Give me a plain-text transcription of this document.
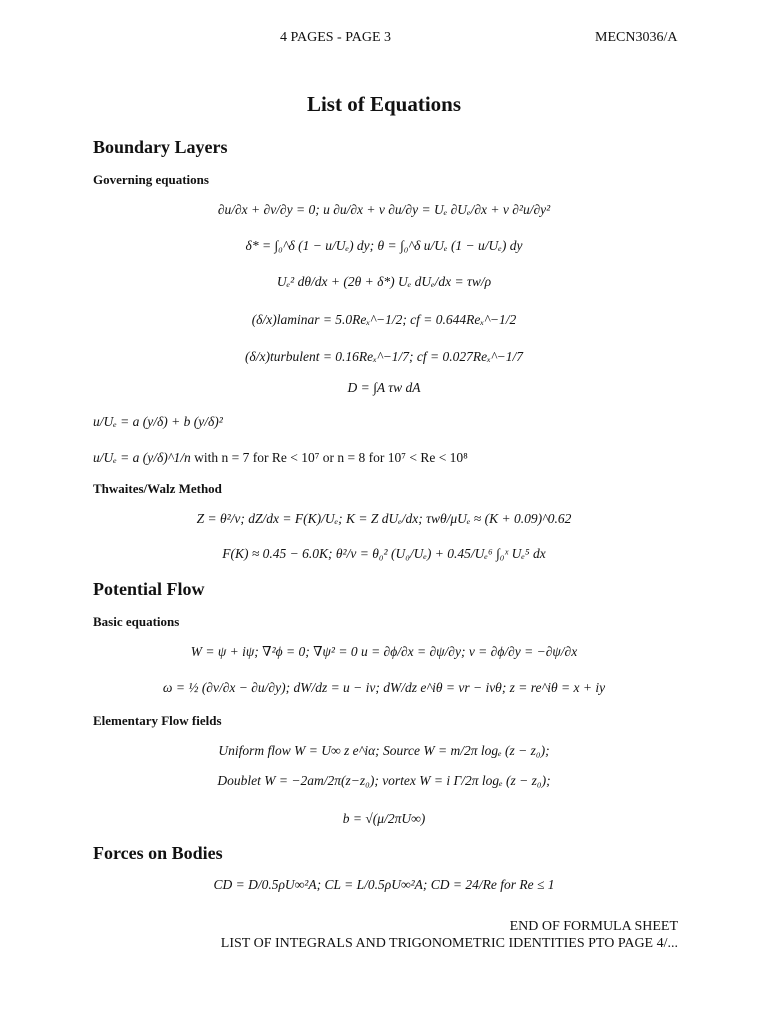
4 PAGES - PAGE 3	MECN3036/A
List of Equations
Boundary Layers
Governing equations
∂u/∂x + ∂v/∂y = 0; u ∂u/∂x + v ∂u/∂y = Uₑ ∂Uₑ/∂x + ν ∂²u/∂y²
δ* = ∫₀^δ (1 − u/Uₑ) dy; θ = ∫₀^δ u/Uₑ (1 − u/Uₑ) dy
Uₑ² dθ/dx + (2θ + δ*) Uₑ dUₑ/dx = τw/ρ
(δ/x)laminar = 5.0Reₓ^−1/2; cf = 0.644Reₓ^−1/2
(δ/x)turbulent = 0.16Reₓ^−1/7; cf = 0.027Reₓ^−1/7
D = ∫A τw dA
u/Uₑ = a (y/δ) + b (y/δ)²
u/Uₑ = a (y/δ)^1/n with n = 7 for Re < 10⁷ or n = 8 for 10⁷ < Re < 10⁸
Thwaites/Walz Method
Z = θ²/ν; dZ/dx = F(K)/Uₑ; K = Z dUₑ/dx; τwθ/μUₑ ≈ (K + 0.09)^0.62
F(K) ≈ 0.45 − 6.0K; θ²/ν = θ₀² (U₀/Uₑ) + 0.45/Uₑ⁶ ∫₀ˣ Uₑ⁵ dx
Potential Flow
Basic equations
W = ψ + iψ; ∇²ϕ = 0; ∇ψ² = 0 u = ∂ϕ/∂x = ∂ψ/∂y; v = ∂ϕ/∂y = −∂ψ/∂x
ω = ½ (∂v/∂x − ∂u/∂y); dW/dz = u − iv; dW/dz e^iθ = vr − ivθ; z = re^iθ = x + iy
Elementary Flow fields
Uniform flow W = U∞ z e^iα; Source W = m/2π logₑ (z − z₀);
Doublet W = −2am/2π(z−z₀); vortex W = i Γ/2π logₑ (z − z₀);
b = √(μ/2πU∞)
Forces on Bodies
CD = D/0.5ρU∞²A; CL = L/0.5ρU∞²A; CD = 24/Re for Re ≤ 1
END OF FORMULA SHEET
LIST OF INTEGRALS AND TRIGONOMETRIC IDENTITIES PTO PAGE 4/...
